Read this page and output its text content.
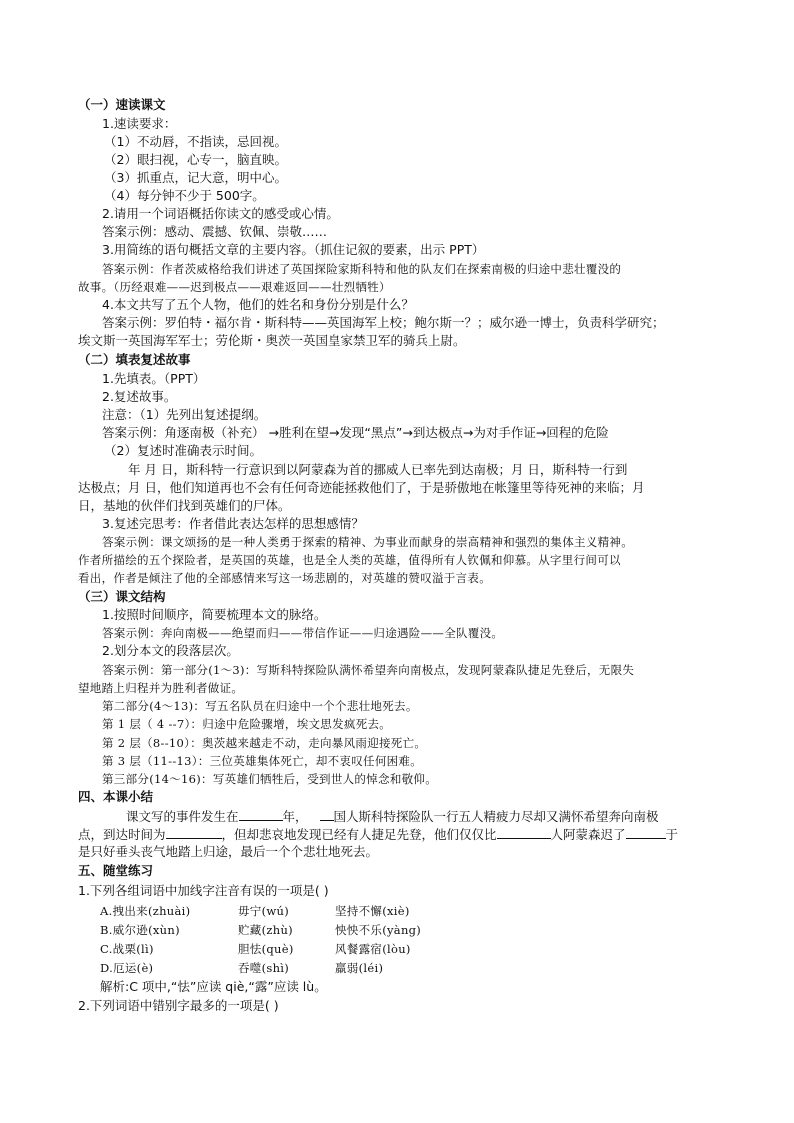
（一）速读课文
1.速读要求：
（1）不动唇，不指读，忌回视。
（2）眼扫视，心专一，脑直映。
（3）抓重点，记大意，明中心。
（4）每分钟不少于 500字。
2.请用一个词语概括你读文的感受或心情。
答案示例：感动、震撼、钦佩、崇敬……
3.用简练的语句概括文章的主要内容。（抓住记叙的要素，出示 PPT）
答案示例：作者茨威格给我们讲述了英国探险家斯科特和他的队友们在探索南极的归途中悲壮覆没的
故事。（历经艰难——迟到极点——艰难返回——壮烈牺牲）
4.本文共写了五个人物，他们的姓名和身份分别是什么？
答案示例：罗伯特・福尔肯・斯科特——英国海军上校；鲍尔斯一？；威尔逊一博士，负责科学研究；
埃文斯一英国海军军士；劳伦斯・奥茨一英国皇家禁卫军的骑兵上尉。
（二）填表复述故事
1.先填表。（PPT）
2.复述故事。
注意：（1）先列出复述提纲。
答案示例：角逐南极（补充） →胜利在望→发现“黑点”→到达极点→为对手作证→回程的危险
（2）复述时准确表示时间。
年 月 日，斯科特一行意识到以阿蒙森为首的挪威人已率先到达南极；月 日，斯科特一行到
达极点；月 日，他们知道再也不会有任何奇迹能拯救他们了，于是骄傲地在帐篷里等待死神的来临；月
日，基地的伙伴们找到英雄们的尸体。
3.复述完思考：作者借此表达怎样的思想感情？
答案示例：课文颂扬的是一种人类勇于探索的精神、为事业而献身的崇高精神和强烈的集体主义精神。
作者所描绘的五个探险者，是英国的英雄，也是全人类的英雄，值得所有人钦佩和仰慕。从字里行间可以
看出，作者是倾注了他的全部感情来写这一场悲剧的，对英雄的赞叹溢于言表。
（三）课文结构
1.按照时间顺序，简要梳理本文的脉络。
答案示例：奔向南极——绝望而归——带信作证——归途遇险——全队覆没。
2.划分本文的段落层次。
答案示例：第一部分(1～3)：写斯科特探险队满怀希望奔向南极点，发现阿蒙森队捷足先登后，无限失
望地踏上归程并为胜利者做证。
第二部分(4～13)：写五名队员在归途中一个个悲壮地死去。
第 1 层（ 4 --7）：归途中危险骤增，埃文思发疯死去。
第 2 层（8--10）：奥茨越来越走不动，走向暴风雨迎接死亡。
第 3 层（11--13）：三位英雄集体死亡，却不衷叹任何困难。
第三部分(14～16)：写英雄们牺牲后，受到世人的悼念和敬仰。
四、本课小结
课文写的事件发生在	年， 国人斯科特探险队一行五人精疲力尽却又满怀希望奔向南极
点，到达时间为	，但却悲哀地发现已经有人捷足先登，他们仅仅比	人阿蒙森迟了	于
是只好垂头丧气地踏上归途，最后一个个悲壮地死去。
五、随堂练习
1.下列各组词语中加线字注音有误的一项是( )
A.拽出来(zhuài)	毋宁(wú)	坚持不懈(xiè)
B.威尔逊(xùn)	贮藏(zhù)	怏怏不乐(yàng)
C.战栗(lì)	胆怯(què)	风餐露宿(lòu)
D.厄运(è)	吞噬(shì)	羸弱(léi)
解析:C 项中,“怯”应读 qiè,“露”应读 lù。
2.下列词语中错别字最多的一项是( )
